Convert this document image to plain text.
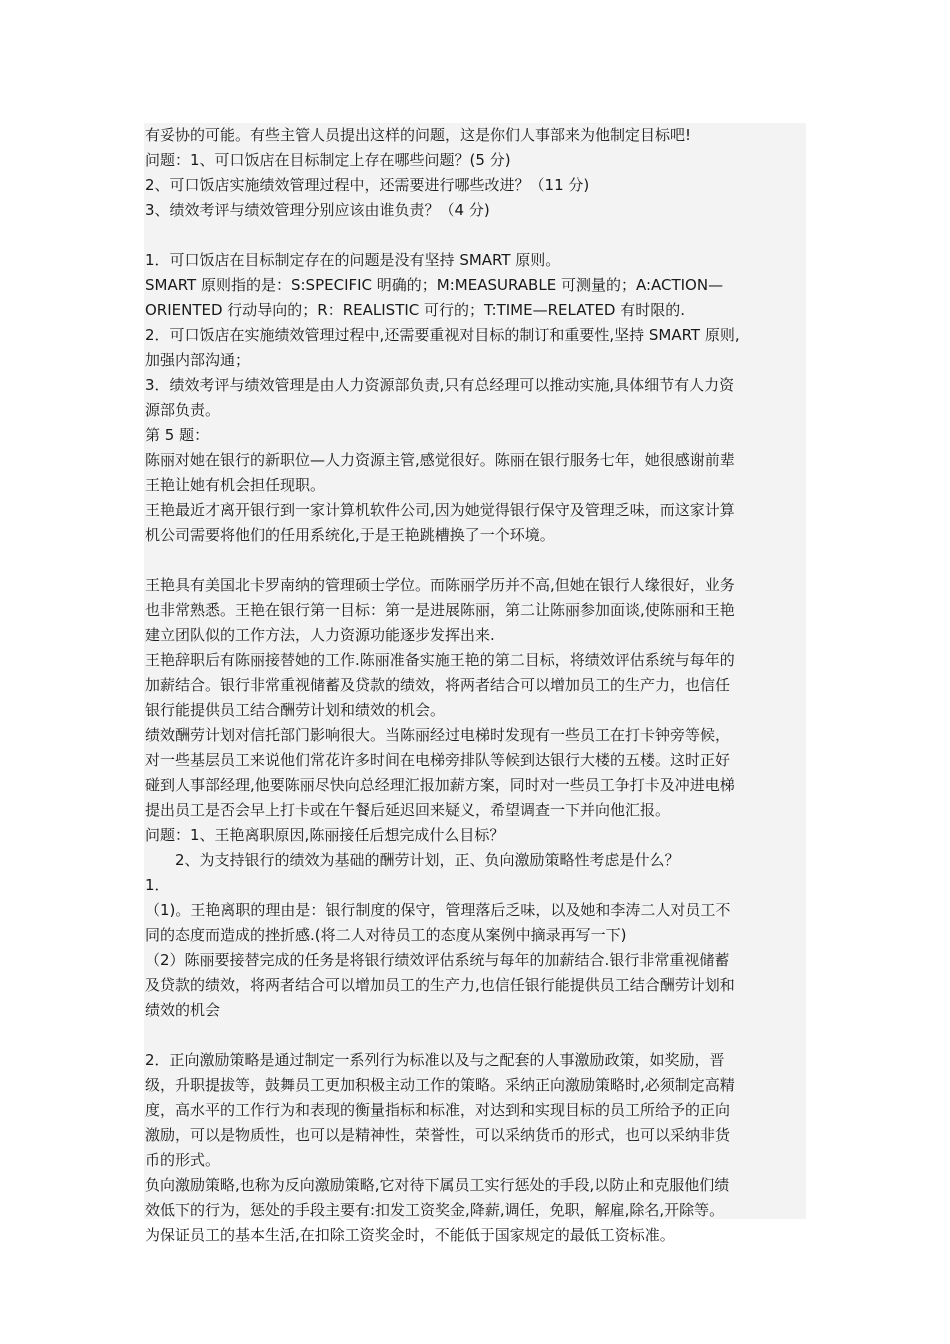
有妥协的可能。有些主管人员提出这样的问题，这是你们人事部来为他制定目标吧!
问题：1、可口饭店在目标制定上存在哪些问题？(5 分)
2、可口饭店实施绩效管理过程中，还需要进行哪些改进？（11 分)
3、绩效考评与绩效管理分别应该由谁负责？（4 分)
1．可口饭店在目标制定存在的问题是没有坚持 SMART 原则。
SMART 原则指的是：S:SPECIFIC 明确的；M:MEASURABLE 可测量的；A:ACTION—
ORIENTED 行动导向的；R：REALISTIC 可行的；T:TIME—RELATED 有时限的.
2．可口饭店在实施绩效管理过程中,还需要重视对目标的制订和重要性,坚持 SMART 原则,
加强内部沟通；
3．绩效考评与绩效管理是由人力资源部负责,只有总经理可以推动实施,具体细节有人力资
源部负责。
第 5 题：
陈丽对她在银行的新职位—人力资源主管,感觉很好。陈丽在银行服务七年，她很感谢前辈
王艳让她有机会担任现职。
王艳最近才离开银行到一家计算机软件公司,因为她觉得银行保守及管理乏味，而这家计算
机公司需要将他们的任用系统化,于是王艳跳槽换了一个环境。
王艳具有美国北卡罗南纳的管理硕士学位。而陈丽学历并不高,但她在银行人缘很好，业务
也非常熟悉。王艳在银行第一目标：第一是进展陈丽，第二让陈丽参加面谈,使陈丽和王艳
建立团队似的工作方法，人力资源功能逐步发挥出来.
王艳辞职后有陈丽接替她的工作.陈丽准备实施王艳的第二目标，将绩效评估系统与每年的
加薪结合。银行非常重视储蓄及贷款的绩效，将两者结合可以增加员工的生产力，也信任
银行能提供员工结合酬劳计划和绩效的机会。
绩效酬劳计划对信托部门影响很大。当陈丽经过电梯时发现有一些员工在打卡钟旁等候，
对一些基层员工来说他们常花许多时间在电梯旁排队等候到达银行大楼的五楼。这时正好
碰到人事部经理,他要陈丽尽快向总经理汇报加薪方案，同时对一些员工争打卡及冲进电梯
提出员工是否会早上打卡或在午餐后延迟回来疑义，希望调查一下并向他汇报。
问题：1、王艳离职原因,陈丽接任后想完成什么目标？
2、为支持银行的绩效为基础的酬劳计划，正、负向激励策略性考虑是什么？
1．
（1)。王艳离职的理由是：银行制度的保守，管理落后乏味，以及她和李涛二人对员工不
同的态度而造成的挫折感.(将二人对待员工的态度从案例中摘录再写一下)
（2）陈丽要接替完成的任务是将银行绩效评估系统与每年的加薪结合.银行非常重视储蓄
及贷款的绩效，将两者结合可以增加员工的生产力,也信任银行能提供员工结合酬劳计划和
绩效的机会
2．正向激励策略是通过制定一系列行为标准以及与之配套的人事激励政策，如奖励，晋
级，升职提拔等，鼓舞员工更加积极主动工作的策略。采纳正向激励策略时,必须制定高精
度，高水平的工作行为和表现的衡量指标和标准，对达到和实现目标的员工所给予的正向
激励，可以是物质性，也可以是精神性，荣誉性，可以采纳货币的形式，也可以采纳非货
币的形式。
负向激励策略,也称为反向激励策略,它对待下属员工实行惩处的手段,以防止和克服他们绩
效低下的行为，惩处的手段主要有:扣发工资奖金,降薪,调任，免职，解雇,除名,开除等。
为保证员工的基本生活,在扣除工资奖金时，不能低于国家规定的最低工资标准。
